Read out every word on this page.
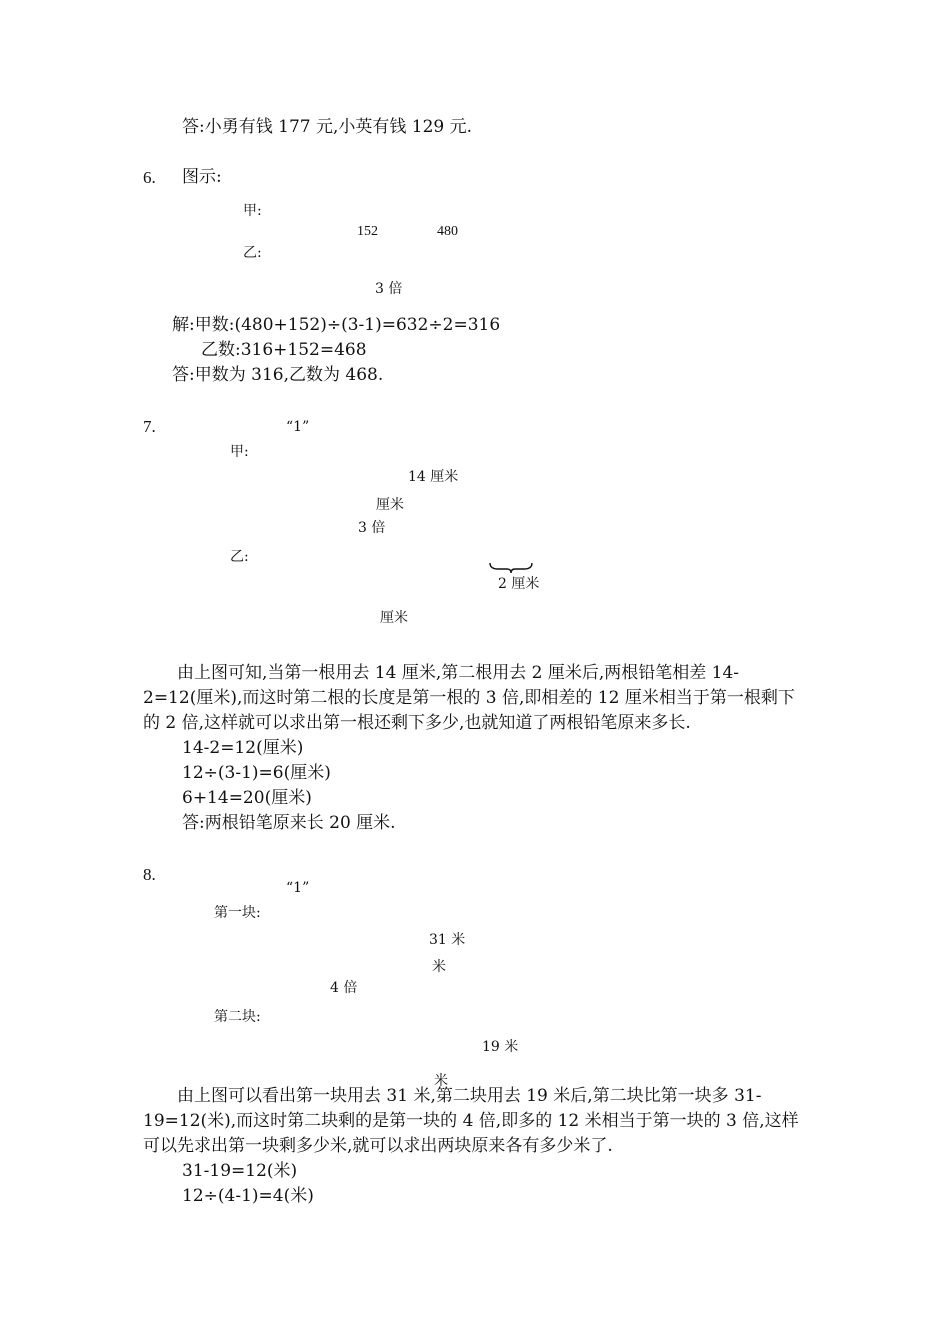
答:小勇有钱 177 元,小英有钱 129 元.
6. 图示:
甲:
152	480
乙:
3 倍
解:甲数:(480+152)÷(3-1)=632÷2=316
乙数:316+152=468
答:甲数为 316,乙数为 468.
7.	“1”
甲:
14 厘米
厘米
3 倍
乙:
2 厘米
厘米
由上图可知,当第一根用去 14 厘米,第二根用去 2 厘米后,两根铅笔相差 14-2=12(厘米),而这时第二根的长度是第一根的 3 倍,即相差的 12 厘米相当于第一根剩下的 2 倍,这样就可以求出第一根还剩下多少,也就知道了两根铅笔原来多长.
14-2=12(厘米)
12÷(3-1)=6(厘米)
6+14=20(厘米)
答:两根铅笔原来长 20 厘米.
8.
“1”
第一块:
31 米
米
4 倍
第二块:
19 米
米
由上图可以看出第一块用去 31 米,第二块用去 19 米后,第二块比第一块多 31-19=12(米),而这时第二块剩的是第一块的 4 倍,即多的 12 米相当于第一块的 3 倍,这样可以先求出第一块剩多少米,就可以求出两块原来各有多少米了.
31-19=12(米)
12÷(4-1)=4(米)
